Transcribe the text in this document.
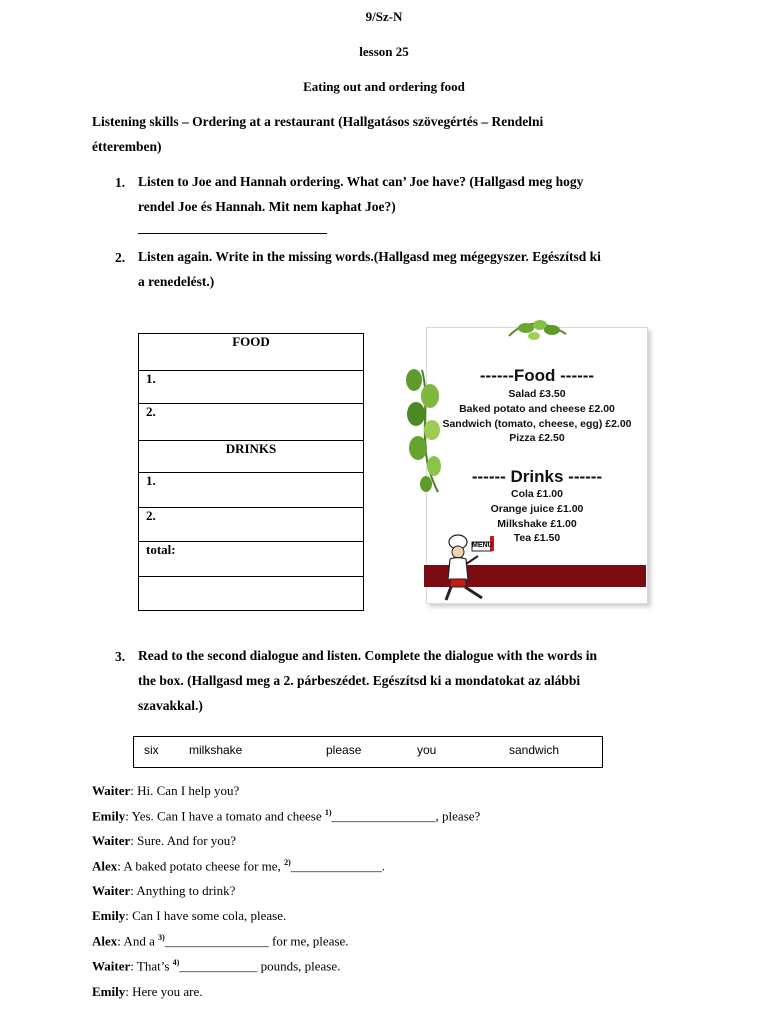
9/Sz-N
lesson 25
Eating out and ordering food
Listening skills – Ordering at a restaurant (Hallgatásos szövegértés – Rendelni
étteremben)
1. Listen to Joe and Hannah ordering. What can’ Joe have? (Hallgasd meg hogy
rendel Joe és Hannah. Mit nem kaphat Joe?)
____________________________
2. Listen again. Write in the missing words.(Hallgasd meg mégegyszer. Egészítsd ki
a renedelést.)
FOOD
1.
2.
DRINKS
1.
2.
total:

------Food ------
Salad £3.50
Baked potato and cheese £2.00
Sandwich (tomato, cheese, egg) £2.00
Pizza £2.50
------ Drinks ------
Cola £1.00
Orange juice £1.00
Milkshake £1.00
Tea £1.50
MENU
3. Read to the second dialogue and listen. Complete the dialogue with the words in
the box. (Hallgasd meg a 2. párbeszédet. Egészítsd ki a mondatokat az alábbi
szavakkal.)
six	milkshake	please	you	sandwich
Waiter: Hi. Can I help you?
Emily: Yes. Can I have a tomato and cheese $^{1)}$________________, please?
Waiter: Sure. And for you?
Alex: A baked potato cheese for me, $^{2)}$______________.
Waiter: Anything to drink?
Emily: Can I have some cola, please.
Alex: And a $^{3)}$________________ for me, please.
Waiter: That’s $^{4)}$____________ pounds, please.
Emily: Here you are.
